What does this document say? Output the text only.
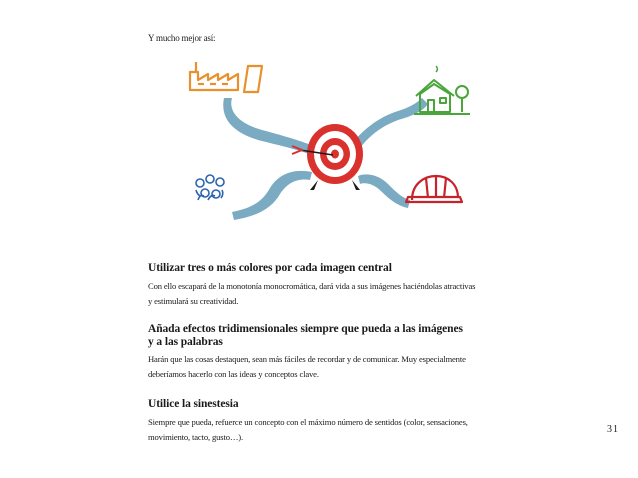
Y mucho mejor así:
Utilizar tres o más colores por cada imagen central
Con ello escapará de la monotonía monocromática, dará vida a sus imágenes haciéndolas atractivas
y estimulará su creatividad.
Añada efectos tridimensionales siempre que pueda a las imágenes
y a las palabras
Harán que las cosas destaquen, sean más fáciles de recordar y de comunicar. Muy especialmente
deberíamos hacerlo con las ideas y conceptos clave.
Utilice la sinestesia
Siempre que pueda, refuerce un concepto con el máximo número de sentidos (color, sensaciones,
movimiento, tacto, gusto…).
31
